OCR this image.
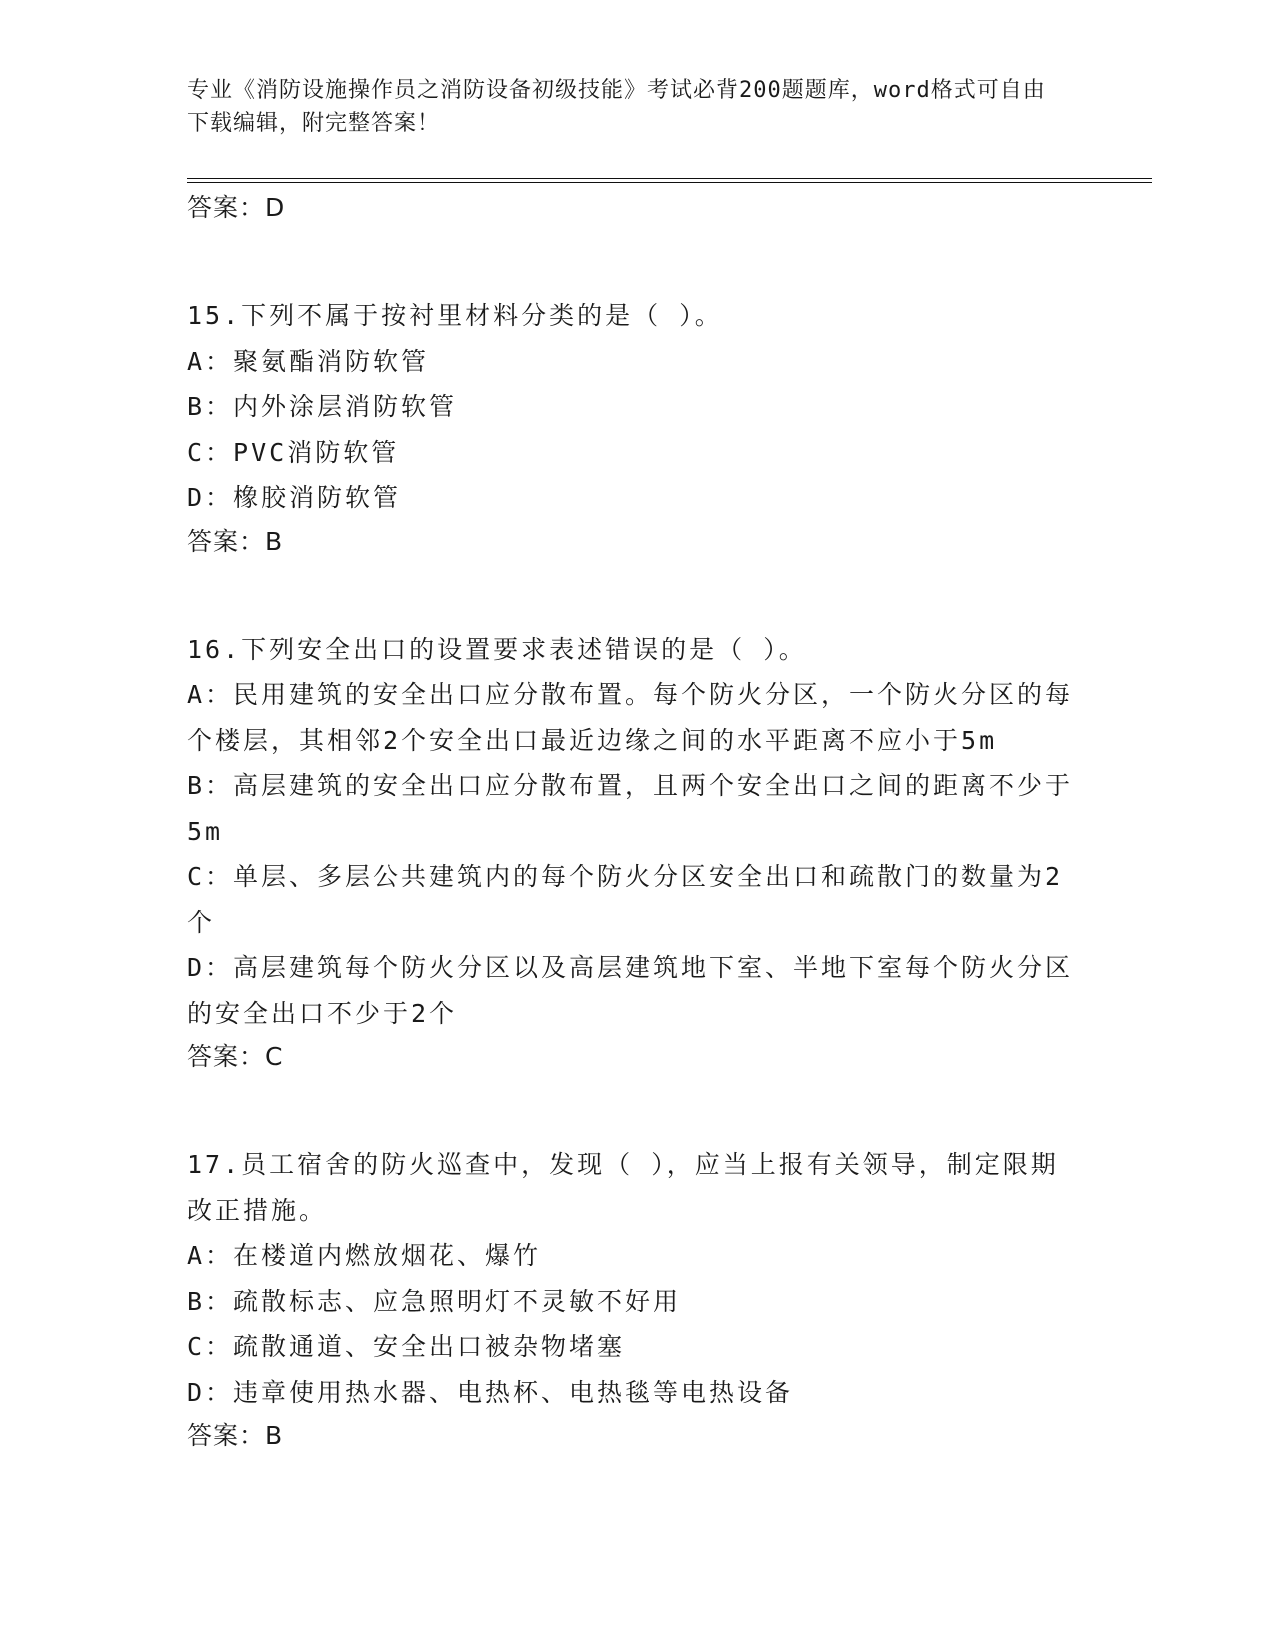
专业《消防设施操作员之消防设备初级技能》考试必背200题题库，word格式可自由下载编辑，附完整答案！

答案：D

15.下列不属于按衬里材料分类的是（ ）。

A：聚氨酯消防软管

B：内外涂层消防软管

C：PVC消防软管

D：橡胶消防软管

答案：B

16.下列安全出口的设置要求表述错误的是（ ）。

A：民用建筑的安全出口应分散布置。每个防火分区，一个防火分区的每个楼层，其相邻2个安全出口最近边缘之间的水平距离不应小于5m

B：高层建筑的安全出口应分散布置，且两个安全出口之间的距离不少于5m

C：单层、多层公共建筑内的每个防火分区安全出口和疏散门的数量为2个

D：高层建筑每个防火分区以及高层建筑地下室、半地下室每个防火分区的安全出口不少于2个

答案：C

17.员工宿舍的防火巡查中，发现（ ），应当上报有关领导，制定限期改正措施。

A：在楼道内燃放烟花、爆竹

B：疏散标志、应急照明灯不灵敏不好用

C：疏散通道、安全出口被杂物堵塞

D：违章使用热水器、电热杯、电热毯等电热设备

答案：B
